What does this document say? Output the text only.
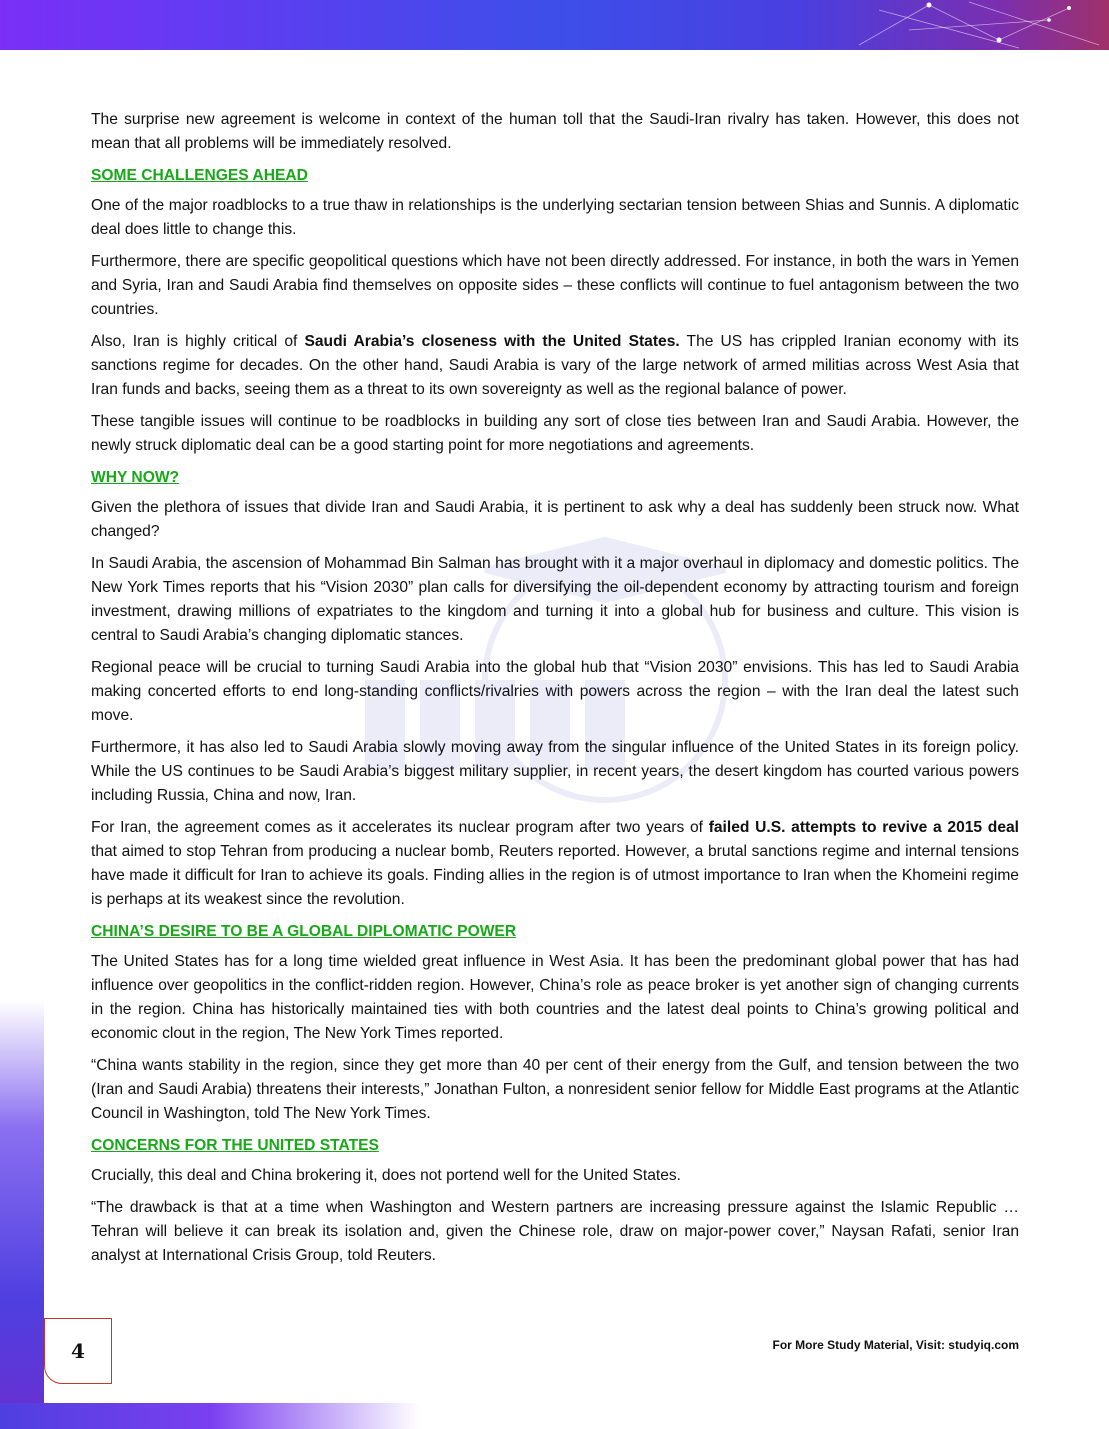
The surprise new agreement is welcome in context of the human toll that the Saudi-Iran rivalry has taken. However, this does not mean that all problems will be immediately resolved.

SOME CHALLENGES AHEAD

One of the major roadblocks to a true thaw in relationships is the underlying sectarian tension between Shias and Sunnis. A diplomatic deal does little to change this.

Furthermore, there are specific geopolitical questions which have not been directly addressed. For instance, in both the wars in Yemen and Syria, Iran and Saudi Arabia find themselves on opposite sides – these conflicts will continue to fuel antagonism between the two countries.

Also, Iran is highly critical of Saudi Arabia’s closeness with the United States. The US has crippled Iranian economy with its sanctions regime for decades. On the other hand, Saudi Arabia is vary of the large network of armed militias across West Asia that Iran funds and backs, seeing them as a threat to its own sovereignty as well as the regional balance of power.

These tangible issues will continue to be roadblocks in building any sort of close ties between Iran and Saudi Arabia. However, the newly struck diplomatic deal can be a good starting point for more negotiations and agreements.

WHY NOW?

Given the plethora of issues that divide Iran and Saudi Arabia, it is pertinent to ask why a deal has suddenly been struck now. What changed?

In Saudi Arabia, the ascension of Mohammad Bin Salman has brought with it a major overhaul in diplomacy and domestic politics. The New York Times reports that his “Vision 2030” plan calls for diversifying the oil-dependent economy by attracting tourism and foreign investment, drawing millions of expatriates to the kingdom and turning it into a global hub for business and culture. This vision is central to Saudi Arabia’s changing diplomatic stances.

Regional peace will be crucial to turning Saudi Arabia into the global hub that “Vision 2030” envisions. This has led to Saudi Arabia making concerted efforts to end long-standing conflicts/rivalries with powers across the region – with the Iran deal the latest such move.

Furthermore, it has also led to Saudi Arabia slowly moving away from the singular influence of the United States in its foreign policy. While the US continues to be Saudi Arabia’s biggest military supplier, in recent years, the desert kingdom has courted various powers including Russia, China and now, Iran.

For Iran, the agreement comes as it accelerates its nuclear program after two years of failed U.S. attempts to revive a 2015 deal that aimed to stop Tehran from producing a nuclear bomb, Reuters reported. However, a brutal sanctions regime and internal tensions have made it difficult for Iran to achieve its goals. Finding allies in the region is of utmost importance to Iran when the Khomeini regime is perhaps at its weakest since the revolution.

CHINA’S DESIRE TO BE A GLOBAL DIPLOMATIC POWER

The United States has for a long time wielded great influence in West Asia. It has been the predominant global power that has had influence over geopolitics in the conflict-ridden region. However, China’s role as peace broker is yet another sign of changing currents in the region. China has historically maintained ties with both countries and the latest deal points to China’s growing political and economic clout in the region, The New York Times reported.

“China wants stability in the region, since they get more than 40 per cent of their energy from the Gulf, and tension between the two (Iran and Saudi Arabia) threatens their interests,” Jonathan Fulton, a nonresident senior fellow for Middle East programs at the Atlantic Council in Washington, told The New York Times.

CONCERNS FOR THE UNITED STATES

Crucially, this deal and China brokering it, does not portend well for the United States.

“The drawback is that at a time when Washington and Western partners are increasing pressure against the Islamic Republic … Tehran will believe it can break its isolation and, given the Chinese role, draw on major-power cover,” Naysan Rafati, senior Iran analyst at International Crisis Group, told Reuters.

4	For More Study Material, Visit: studyiq.com
